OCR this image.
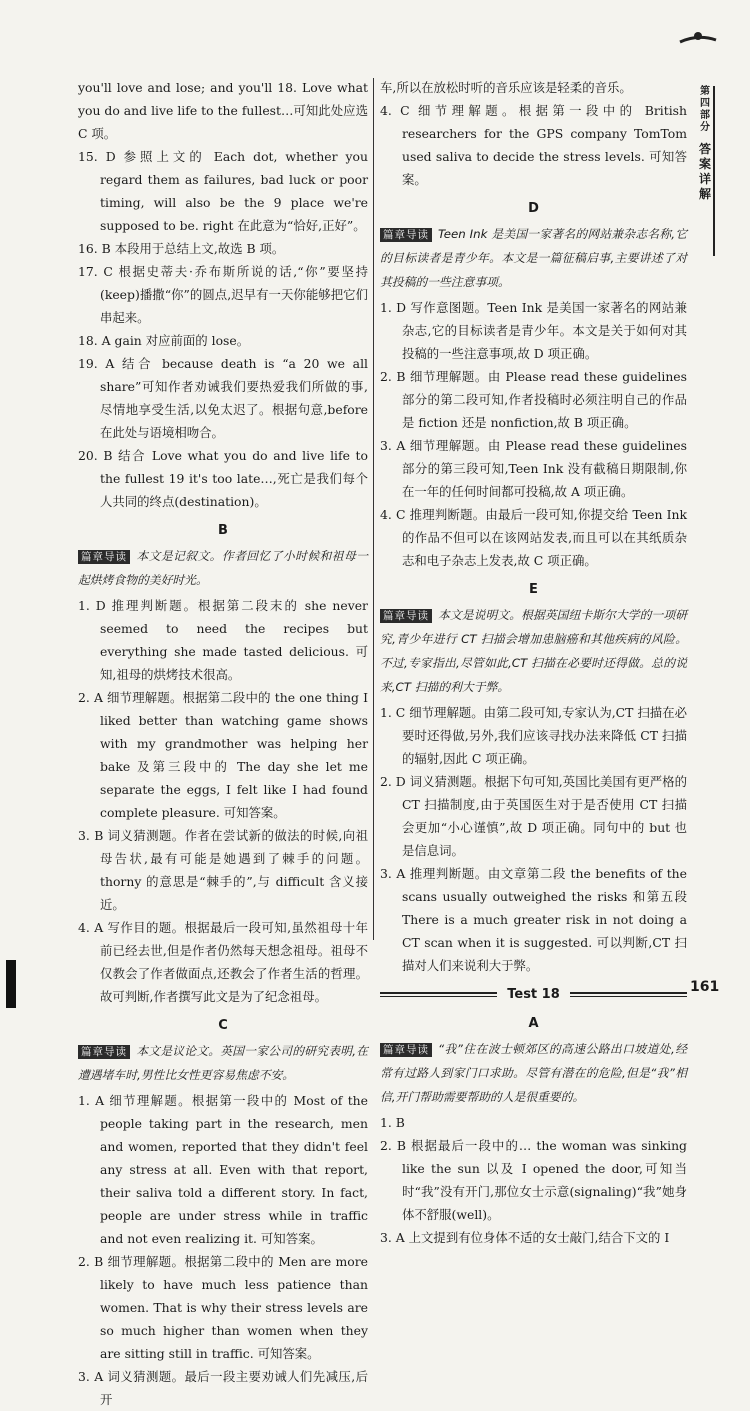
you'll love and lose; and you'll 18. Love what you do and live life to the fullest…可知此处应选 C 项。

15. D 参照上文的 Each dot, whether you regard them as failures, bad luck or poor timing, will also be the 9 place we're supposed to be. right 在此意为“恰好,正好”。

16. B 本段用于总结上文,故选 B 项。

17. C 根据史蒂夫·乔布斯所说的话,“你”要坚持(keep)播撒“你”的圆点,迟早有一天你能够把它们串起来。

18. A gain 对应前面的 lose。

19. A 结合 because death is “a 20 we all share”可知作者劝诫我们要热爱我们所做的事,尽情地享受生活,以免太迟了。根据句意,before 在此处与语境相吻合。

20. B 结合 Love what you do and live life to the fullest 19 it's too late…,死亡是我们每个人共同的终点(destination)。

B

篇章导读 本文是记叙文。作者回忆了小时候和祖母一起烘烤食物的美好时光。

1. D 推理判断题。根据第二段末的 she never seemed to need the recipes but everything she made tasted delicious. 可知,祖母的烘烤技术很高。

2. A 细节理解题。根据第二段中的 the one thing I liked better than watching game shows with my grandmother was helping her bake 及第三段中的 The day she let me separate the eggs, I felt like I had found complete pleasure. 可知答案。

3. B 词义猜测题。作者在尝试新的做法的时候,向祖母告状,最有可能是她遇到了棘手的问题。thorny 的意思是“棘手的”,与 difficult 含义接近。

4. A 写作目的题。根据最后一段可知,虽然祖母十年前已经去世,但是作者仍然每天想念祖母。祖母不仅教会了作者做面点,还教会了作者生活的哲理。故可判断,作者撰写此文是为了纪念祖母。

C

篇章导读 本文是议论文。英国一家公司的研究表明,在遭遇堵车时,男性比女性更容易焦虑不安。

1. A 细节理解题。根据第一段中的 Most of the people taking part in the research, men and women, reported that they didn't feel any stress at all. Even with that report, their saliva told a different story. In fact, people are under stress while in traffic and not even realizing it. 可知答案。

2. B 细节理解题。根据第二段中的 Men are more likely to have much less patience than women. That is why their stress levels are so much higher than women when they are sitting still in traffic. 可知答案。

3. A 词义猜测题。最后一段主要劝诫人们先减压,后开

车,所以在放松时听的音乐应该是轻柔的音乐。

4. C 细节理解题。根据第一段中的 British researchers for the GPS company TomTom used saliva to decide the stress levels. 可知答案。

D

篇章导读 Teen Ink 是美国一家著名的网站兼杂志名称,它的目标读者是青少年。本文是一篇征稿启事,主要讲述了对其投稿的一些注意事项。

1. D 写作意图题。Teen Ink 是美国一家著名的网站兼杂志,它的目标读者是青少年。本文是关于如何对其投稿的一些注意事项,故 D 项正确。

2. B 细节理解题。由 Please read these guidelines 部分的第二段可知,作者投稿时必须注明自己的作品是 fiction 还是 nonfiction,故 B 项正确。

3. A 细节理解题。由 Please read these guidelines 部分的第三段可知,Teen Ink 没有截稿日期限制,你在一年的任何时间都可投稿,故 A 项正确。

4. C 推理判断题。由最后一段可知,你提交给 Teen Ink 的作品不但可以在该网站发表,而且可以在其纸质杂志和电子杂志上发表,故 C 项正确。

E

篇章导读 本文是说明文。根据英国纽卡斯尔大学的一项研究,青少年进行 CT 扫描会增加患脑癌和其他疾病的风险。不过,专家指出,尽管如此,CT 扫描在必要时还得做。总的说来,CT 扫描的利大于弊。

1. C 细节理解题。由第二段可知,专家认为,CT 扫描在必要时还得做,另外,我们应该寻找办法来降低 CT 扫描的辐射,因此 C 项正确。

2. D 词义猜测题。根据下句可知,英国比美国有更严格的 CT 扫描制度,由于英国医生对于是否使用 CT 扫描会更加“小心谨慎”,故 D 项正确。同句中的 but 也是信息词。

3. A 推理判断题。由文章第二段 the benefits of the scans usually outweighed the risks 和第五段 There is a much greater risk in not doing a CT scan when it is suggested. 可以判断,CT 扫描对人们来说利大于弊。

Test 18
A

篇章导读 “我”住在波士顿郊区的高速公路出口坡道处,经常有过路人到家门口求助。尽管有潜在的危险,但是“我”相信,开门帮助需要帮助的人是很重要的。

1. B

2. B 根据最后一段中的… the woman was sinking like the sun 以及 I opened the door,可知当时“我”没有开门,那位女士示意(signaling)“我”她身体不舒服(well)。

3. A 上文提到有位身体不适的女士敲门,结合下文的 I

第四部分
答案详解
161
